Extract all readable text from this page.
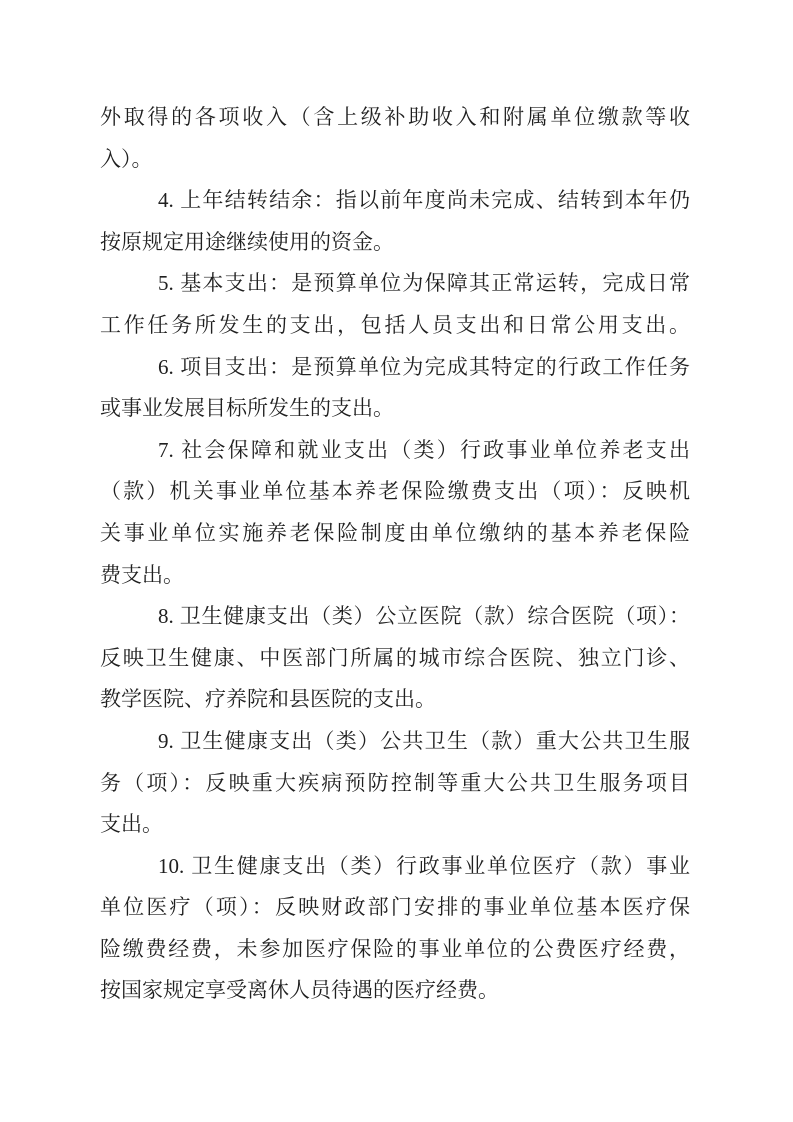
外取得的各项收入（含上级补助收入和附属单位缴款等收
入）。
4. 上年结转结余：指以前年度尚未完成、结转到本年仍
按原规定用途继续使用的资金。
5. 基本支出：是预算单位为保障其正常运转，完成日常
工作任务所发生的支出，包括人员支出和日常公用支出。
6. 项目支出：是预算单位为完成其特定的行政工作任务
或事业发展目标所发生的支出。
7. 社会保障和就业支出（类）行政事业单位养老支出
（款）机关事业单位基本养老保险缴费支出（项）：反映机
关事业单位实施养老保险制度由单位缴纳的基本养老保险
费支出。
8. 卫生健康支出（类）公立医院（款）综合医院（项）：
反映卫生健康、中医部门所属的城市综合医院、独立门诊、
教学医院、疗养院和县医院的支出。
9. 卫生健康支出（类）公共卫生（款）重大公共卫生服
务（项）：反映重大疾病预防控制等重大公共卫生服务项目
支出。
10. 卫生健康支出（类）行政事业单位医疗（款）事业
单位医疗（项）：反映财政部门安排的事业单位基本医疗保
险缴费经费，未参加医疗保险的事业单位的公费医疗经费，
按国家规定享受离休人员待遇的医疗经费。
